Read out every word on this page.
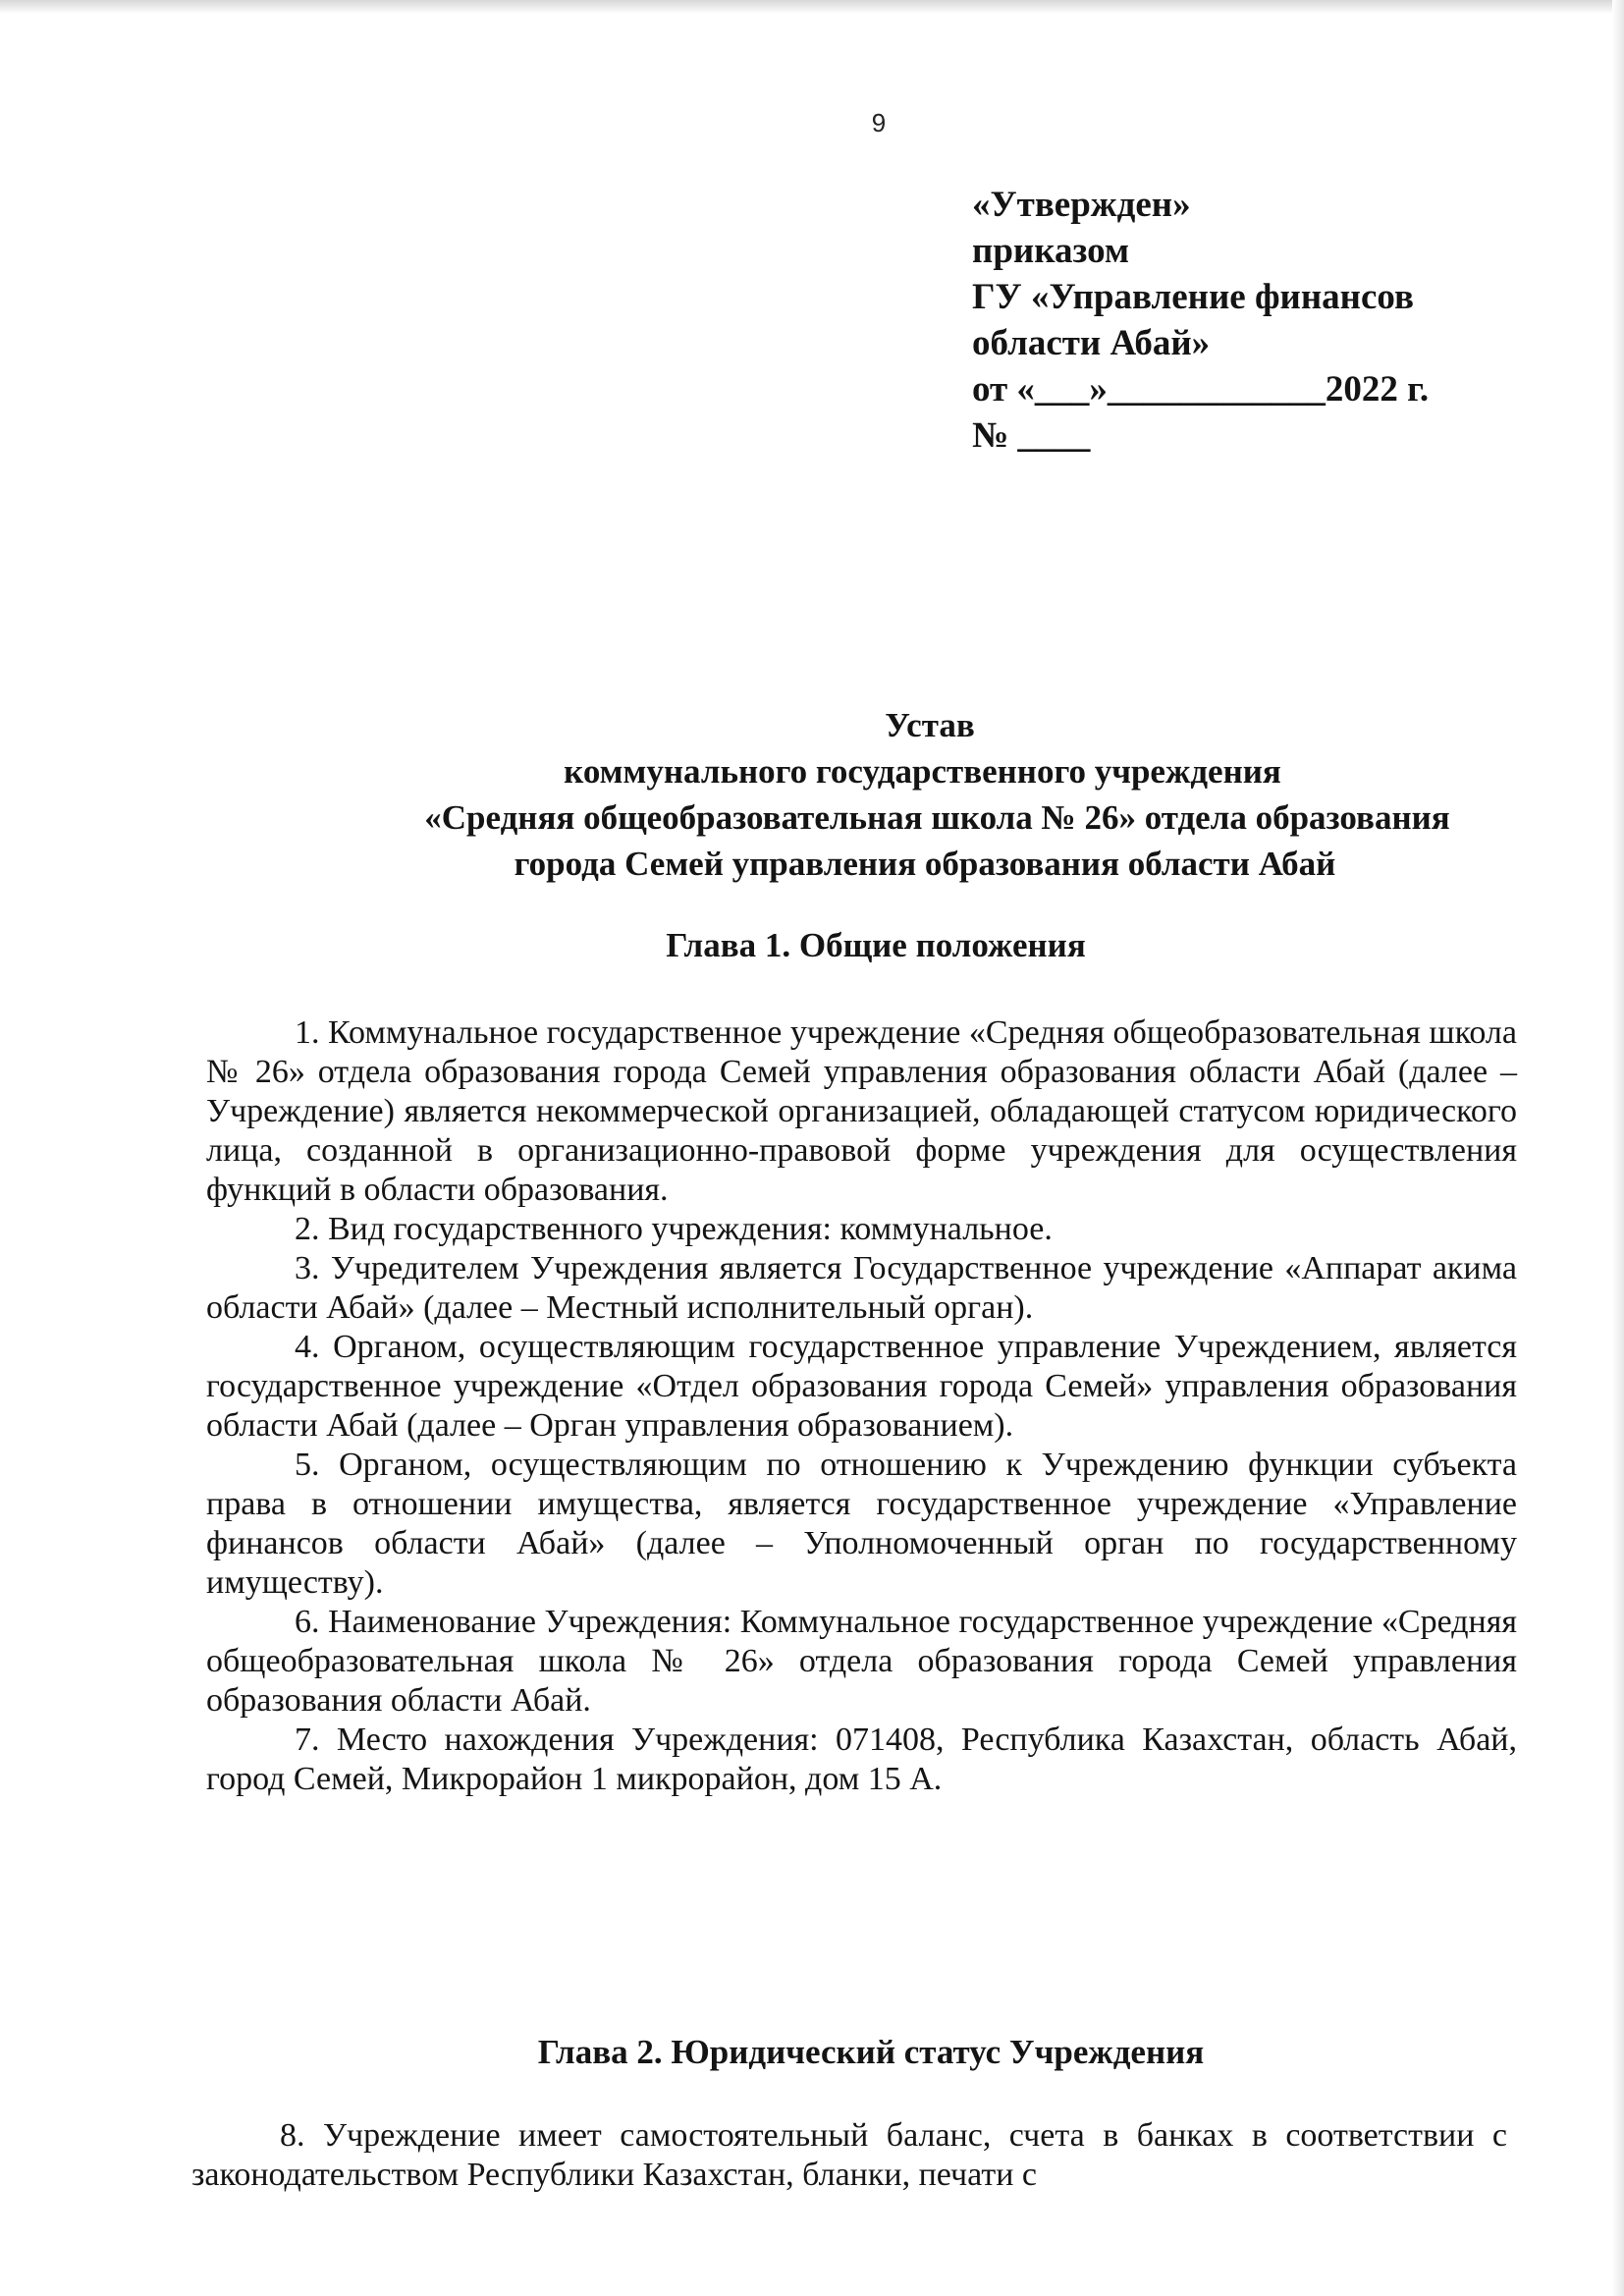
9
«Утвержден»
приказом
ГУ «Управление финансов
области Абай»
от «___»____________2022 г.
№ ____
Устав
коммунального государственного учреждения
«Средняя общеобразовательная школа № 26» отдела образования
города Семей управления образования области Абай
Глава 1. Общие положения

1. Коммунальное государственное учреждение «Средняя общеобразовательная школа № 26» отдела образования города Семей управления образования области Абай (далее – Учреждение) является некоммерческой организацией, обладающей статусом юридического лица, созданной в организационно-правовой форме учреждения для осуществления функций в области образования.

2. Вид государственного учреждения: коммунальное.

3. Учредителем Учреждения является Государственное учреждение «Аппарат акима области Абай» (далее – Местный исполнительный орган).

4. Органом, осуществляющим государственное управление Учреждением, является государственное учреждение «Отдел образования города Семей» управления образования области Абай (далее – Орган управления образованием).

5. Органом, осуществляющим по отношению к Учреждению функции субъекта права в отношении имущества, является государственное учреждение «Управление финансов области Абай» (далее – Уполномоченный орган по государственному имуществу).

6. Наименование Учреждения: Коммунальное государственное учреждение «Средняя общеобразовательная школа № 26» отдела образования города Семей управления образования области Абай.

7. Место нахождения Учреждения: 071408, Республика Казахстан, область Абай, город Семей, Микрорайон 1 микрорайон, дом 15 А.

Глава 2. Юридический статус Учреждения

8. Учреждение имеет самостоятельный баланс, счета в банках в соответствии с законодательством Республики Казахстан, бланки, печати с
